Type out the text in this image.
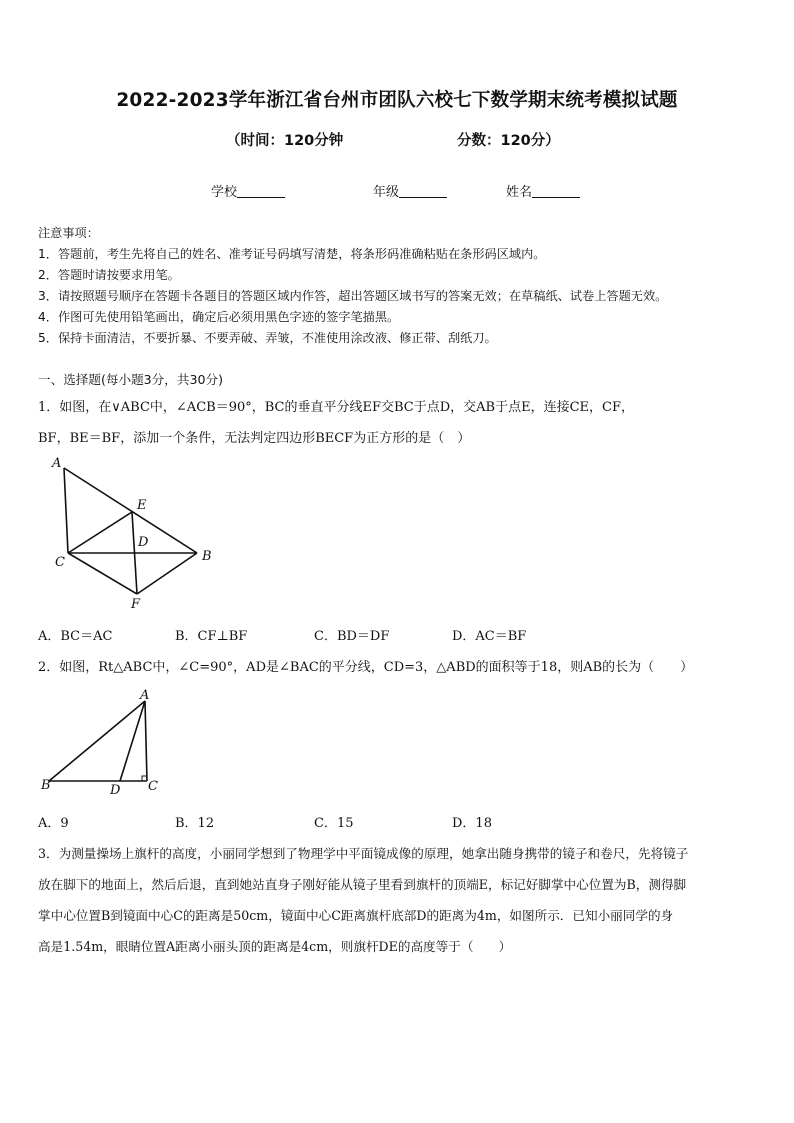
2022-2023学年浙江省台州市团队六校七下数学期末统考模拟试题
（时间：120分钟	分数：120分）
学校	年级	姓名
注意事项：
1．答题前，考生先将自己的姓名、准考证号码填写清楚，将条形码准确粘贴在条形码区域内。
2．答题时请按要求用笔。
3．请按照题号顺序在答题卡各题目的答题区域内作答，超出答题区域书写的答案无效；在草稿纸、试卷上答题无效。
4．作图可先使用铅笔画出，确定后必须用黑色字迹的签字笔描黑。
5．保持卡面清洁，不要折暴、不要弄破、弄皱，不准使用涂改液、修正带、刮纸刀。
一、选择题(每小题3分，共30分)
1．如图，在∨ABC中，∠ACB＝90°，BC的垂直平分线EF交BC于点D，交AB于点E，连接CE，CF，
BF，BE＝BF，添加一个条件，无法判定四边形BECF为正方形的是（　）
A
E
D
C	B
F
A．BC＝AC	B．CF⊥BF	C．BD＝DF	D．AC＝BF
2．如图，Rt△ABC中，∠C=90°，AD是∠BAC的平分线，CD=3，△ABD的面积等于18，则AB的长为（　　）
A
B	D C
A．9	B．12	C．15	D．18
3．为测量操场上旗杆的高度，小丽同学想到了物理学中平面镜成像的原理，她拿出随身携带的镜子和卷尺，先将镜子
放在脚下的地面上，然后后退，直到她站直身子刚好能从镜子里看到旗杆的顶端E，标记好脚掌中心位置为B，测得脚
掌中心位置B到镜面中心C的距离是50cm，镜面中心C距离旗杆底部D的距离为4m，如图所示．已知小丽同学的身
高是1.54m，眼睛位置A距离小丽头顶的距离是4cm，则旗杆DE的高度等于（　　）
